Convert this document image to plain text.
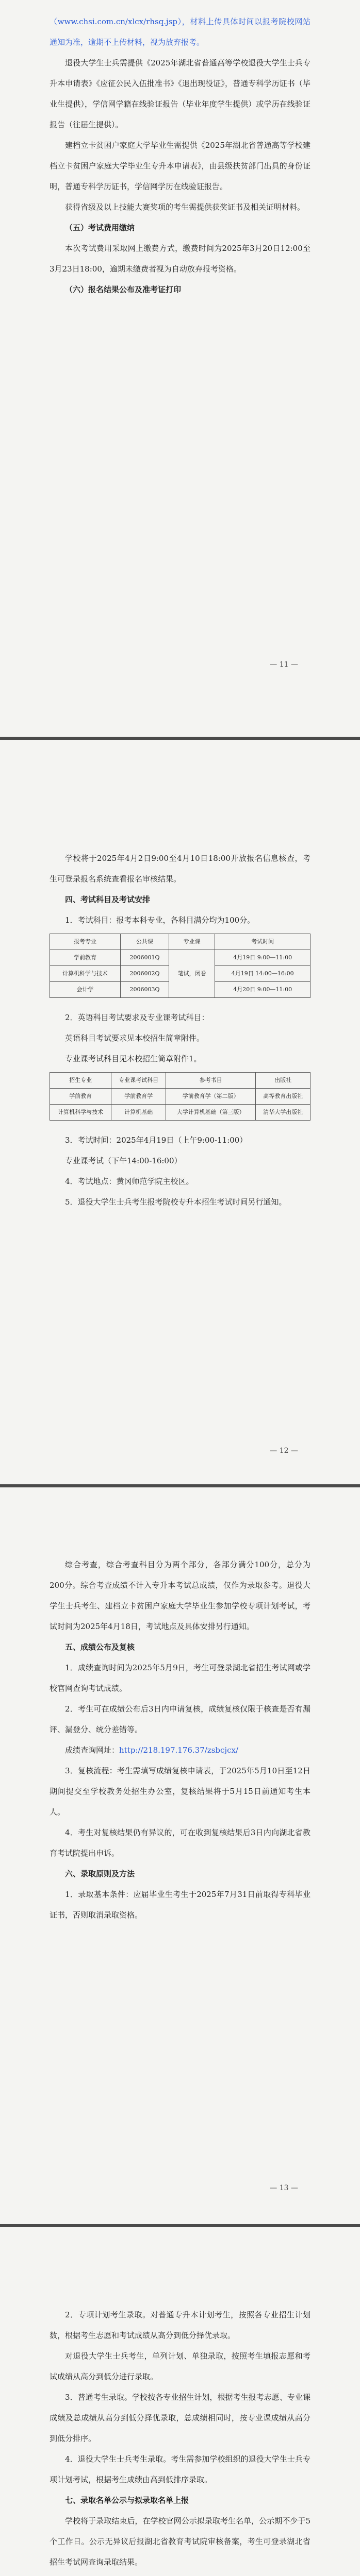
（www.chsi.com.cn/xlcx/rhsq.jsp），材料上传具体时间以报考院校网站通知为准，逾期不上传材料，视为放弃报考。

退役大学生士兵需提供《2025年湖北省普通高等学校退役大学生士兵专升本申请表》《应征公民入伍批准书》《退出现役证》，普通专科学历证书（毕业生提供），学信网学籍在线验证报告（毕业年度学生提供）或学历在线验证报告（往届生提供）。

建档立卡贫困户家庭大学毕业生需提供《2025年湖北省普通高等学校建档立卡贫困户家庭大学毕业生专升本申请表》，由县级扶贫部门出具的身份证明，普通专科学历证书，学信网学历在线验证报告。

获得省级及以上技能大赛奖项的考生需提供获奖证书及相关证明材料。

（五）考试费用缴纳

本次考试费用采取网上缴费方式，缴费时间为2025年3月20日12:00至3月23日18:00，逾期未缴费者视为自动放弃报考资格。

（六）报名结果公布及准考证打印

— 11 —

学校将于2025年4月2日9:00至4月10日18:00开放报名信息核查，考生可登录报名系统查看报名审核结果。

四、考试科目及考试安排

1．考试科目：报考本科专业，各科目满分均为100分。

报考专业	公共课	专业课	考试时间
学前教育	2006001Q	笔试，闭卷	4月19日 9:00—11:00
计算机科学与技术	2006002Q		4月19日 14:00—16:00
会计学	2006003Q		4月20日 9:00—11:00

2．英语科目考试要求及专业课考试科目：

英语科目考试要求见本校招生简章附件。

专业课考试科目见本校招生简章附件1。

招生专业	专业课考试科目	参考书目	出版社
学前教育	学前教育学	学前教育学（第二版）	高等教育出版社
计算机科学与技术	计算机基础	大学计算机基础（第三版）	清华大学出版社

3．考试时间：2025年4月19日（上午9:00-11:00）

专业课考试（下午14:00-16:00）

4．考试地点：黄冈师范学院主校区。

5．退役大学生士兵考生报考院校专升本招生考试时间另行通知。

— 12 —

综合考查，综合考查科目分为两个部分，各部分满分100分，总分为200分。综合考查成绩不计入专升本考试总成绩，仅作为录取参考。退役大学生士兵考生、建档立卡贫困户家庭大学毕业生参加学校专项计划考试，考试时间为2025年4月18日，考试地点及具体安排另行通知。

五、成绩公布及复核

1．成绩查询时间为2025年5月9日，考生可登录湖北省招生考试网或学校官网查询考试成绩。

2．考生可在成绩公布后3日内申请复核，成绩复核仅限于核查是否有漏评、漏登分、统分差错等。

成绩查询网址：http://218.197.176.37/zsbcjcx/

3．复核流程：考生需填写成绩复核申请表，于2025年5月10日至12日期间提交至学校教务处招生办公室，复核结果将于5月15日前通知考生本人。

4．考生对复核结果仍有异议的，可在收到复核结果后3日内向湖北省教育考试院提出申诉。

六、录取原则及方法

1．录取基本条件：应届毕业生考生于2025年7月31日前取得专科毕业证书，否则取消录取资格。

— 13 —

2．专项计划考生录取。对普通专升本计划考生，按照各专业招生计划数，根据考生志愿和考试成绩从高分到低分择优录取。

对退役大学生士兵考生，单列计划、单独录取，按照考生填报志愿和考试成绩从高分到低分进行录取。

3．普通考生录取。学校按各专业招生计划，根据考生报考志愿、专业课成绩及总成绩从高分到低分择优录取，总成绩相同时，按专业课成绩从高分到低分排序。

4．退役大学生士兵考生录取。考生需参加学校组织的退役大学生士兵专项计划考试，根据考生成绩由高到低排序录取。

七、录取名单公示与拟录取名单上报

学校将于录取结束后，在学校官网公示拟录取考生名单，公示期不少于5个工作日。公示无异议后报湖北省教育考试院审核备案，考生可登录湖北省招生考试网查询录取结果。
